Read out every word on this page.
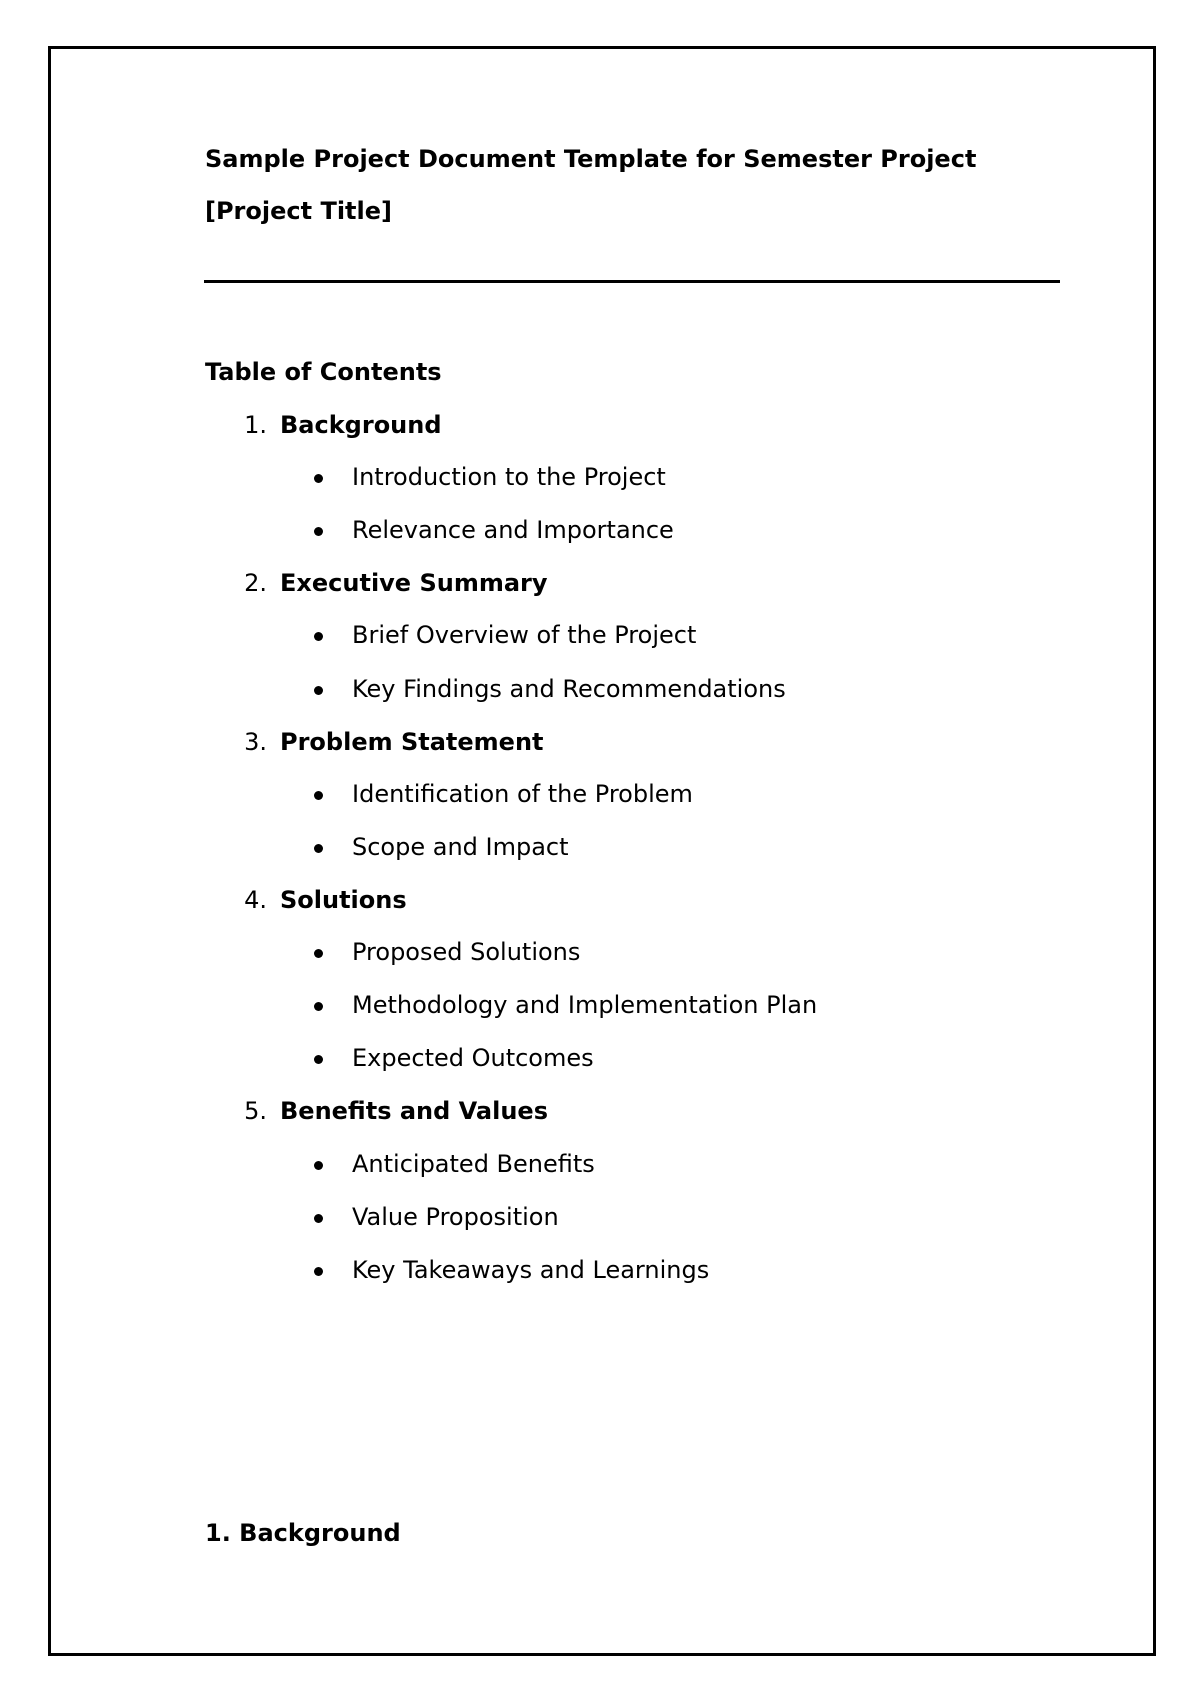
Sample Project Document Template for Semester Project
[Project Title]
Table of Contents
1. Background
Introduction to the Project
Relevance and Importance
2. Executive Summary
Brief Overview of the Project
Key Findings and Recommendations
3. Problem Statement
Identification of the Problem
Scope and Impact
4. Solutions
Proposed Solutions
Methodology and Implementation Plan
Expected Outcomes
5. Benefits and Values
Anticipated Benefits
Value Proposition
Key Takeaways and Learnings
1. Background
